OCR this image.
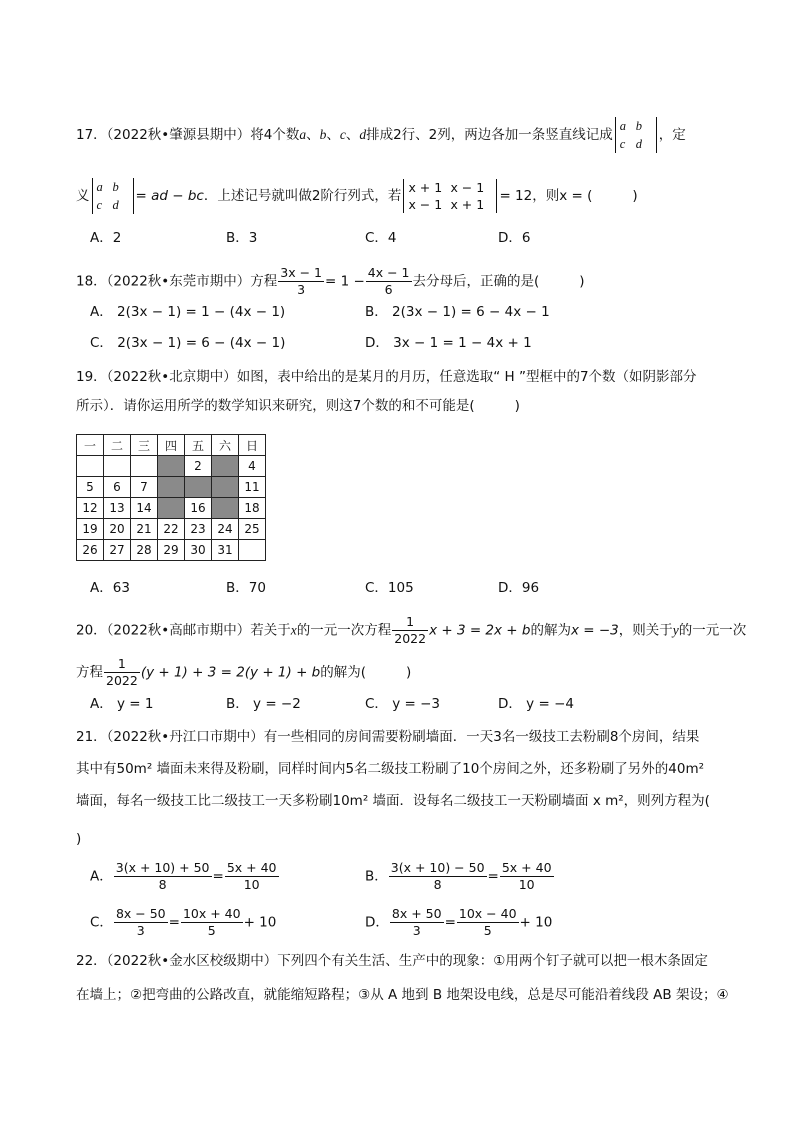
17．（2022秋•肇源县期中）将4个数a、b、c、d排成2行、2列，两边各加一条竖直线记成
a b
c d
，定
义
a b
c d
= ad − bc．上述记号就叫做2阶行列式，若
x + 1 x − 1
x − 1 x + 1
= 12，则x = (	)
A．2	B．3	C．4	D．6
18．（2022秋•东莞市期中）方程 $\frac{3x - 1}{3} = 1 - \frac{4x - 1}{6}$ 去分母后，正确的是(	)
A． 2(3x − 1) = 1 − (4x − 1)	B． 2(3x − 1) = 6 − 4x − 1
C． 2(3x − 1) = 6 − (4x − 1)	D． 3x − 1 = 1 − 4x + 1
19．（2022秋•北京期中）如图，表中给出的是某月的月历，任意选取“ H ”型框中的7个数（如阴影部分
所示）．请你运用所学的数学知识来研究，则这7个数的和不可能是(	)
一	二	三	四	五	六	日
				2		4
5	6	7				11
12	13	14		16		18
19	20	21	22	23	24	25
26	27	28	29	30	31	
A．63	B．70	C．105	D．96
20．（2022秋•高邮市期中）若关于x的一元一次方程 $\frac{1}{2022}$ x + 3 = 2x + b的解为x = −3，则关于y的一元一次
方程 $\frac{1}{2022} (y + 1) + 3 = 2(y + 1) + b$的解为(	)
A． y = 1	B． y = −2	C． y = −3	D． y = −4
21．（2022秋•丹江口市期中）有一些相同的房间需要粉刷墙面．一天3名一级技工去粉刷8个房间，结果
其中有50m² 墙面未来得及粉刷，同样时间内5名二级技工粉刷了10个房间之外，还多粉刷了另外的40m²
墙面，每名一级技工比二级技工一天多粉刷10m² 墙面．设每名二级技工一天粉刷墙面 x m²，则列方程为(
)
A． $\frac{3(x + 10) + 50}{8} = \frac{5x + 40}{10}$	B． $\frac{3(x + 10) - 50}{8} = \frac{5x + 40}{10}$
C． $\frac{8x - 50}{3} = \frac{10x + 40}{5} + 10$	D． $\frac{8x + 50}{3} = \frac{10x - 40}{5} + 10$
22．（2022秋•金水区校级期中）下列四个有关生活、生产中的现象：①用两个钉子就可以把一根木条固定
在墙上；②把弯曲的公路改直，就能缩短路程；③从 A 地到 B 地架设电线，总是尽可能沿着线段 AB 架设；④
